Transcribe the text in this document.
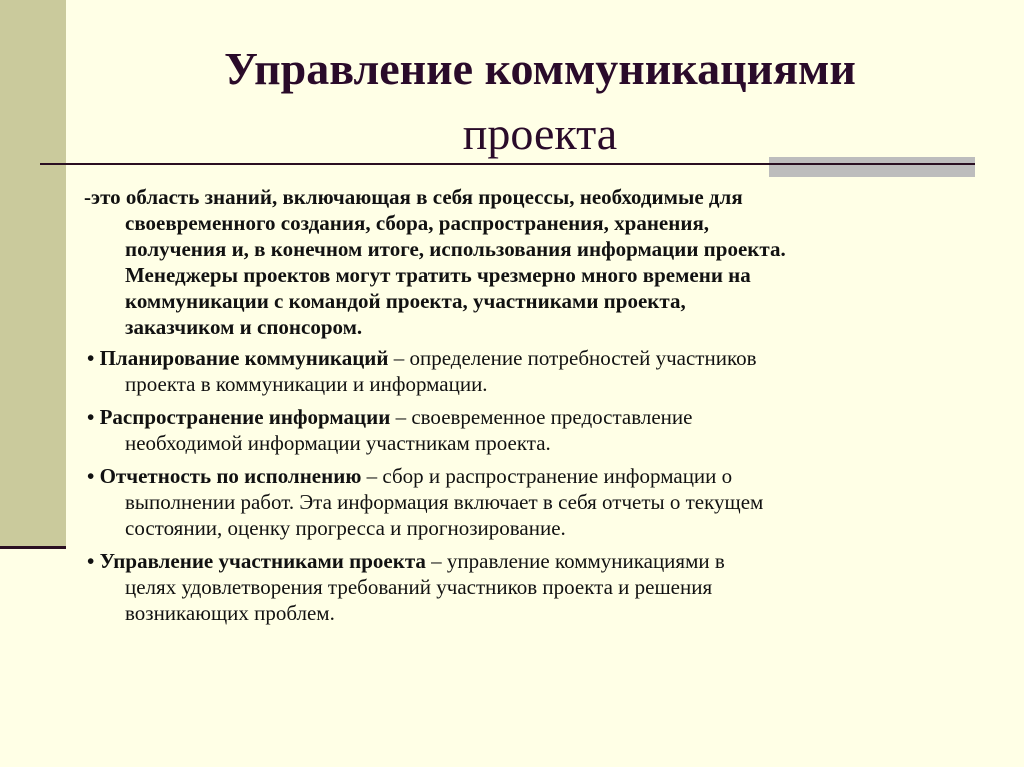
Управление коммуникациями
проекта
-это область знаний, включающая в себя процессы, необходимые для
своевременного создания, сбора, распространения, хранения,
получения и, в конечном итоге, использования информации проекта.
Менеджеры проектов могут тратить чрезмерно много времени на
коммуникации с командой проекта, участниками проекта,
заказчиком и спонсором.
• Планирование коммуникаций – определение потребностей участников
проекта в коммуникации и информации.
• Распространение информации – своевременное предоставление
необходимой информации участникам проекта.
• Отчетность по исполнению – сбор и распространение информации о
выполнении работ. Эта информация включает в себя отчеты о текущем
состоянии, оценку прогресса и прогнозирование.
• Управление участниками проекта – управление коммуникациями в
целях удовлетворения требований участников проекта и решения
возникающих проблем.
